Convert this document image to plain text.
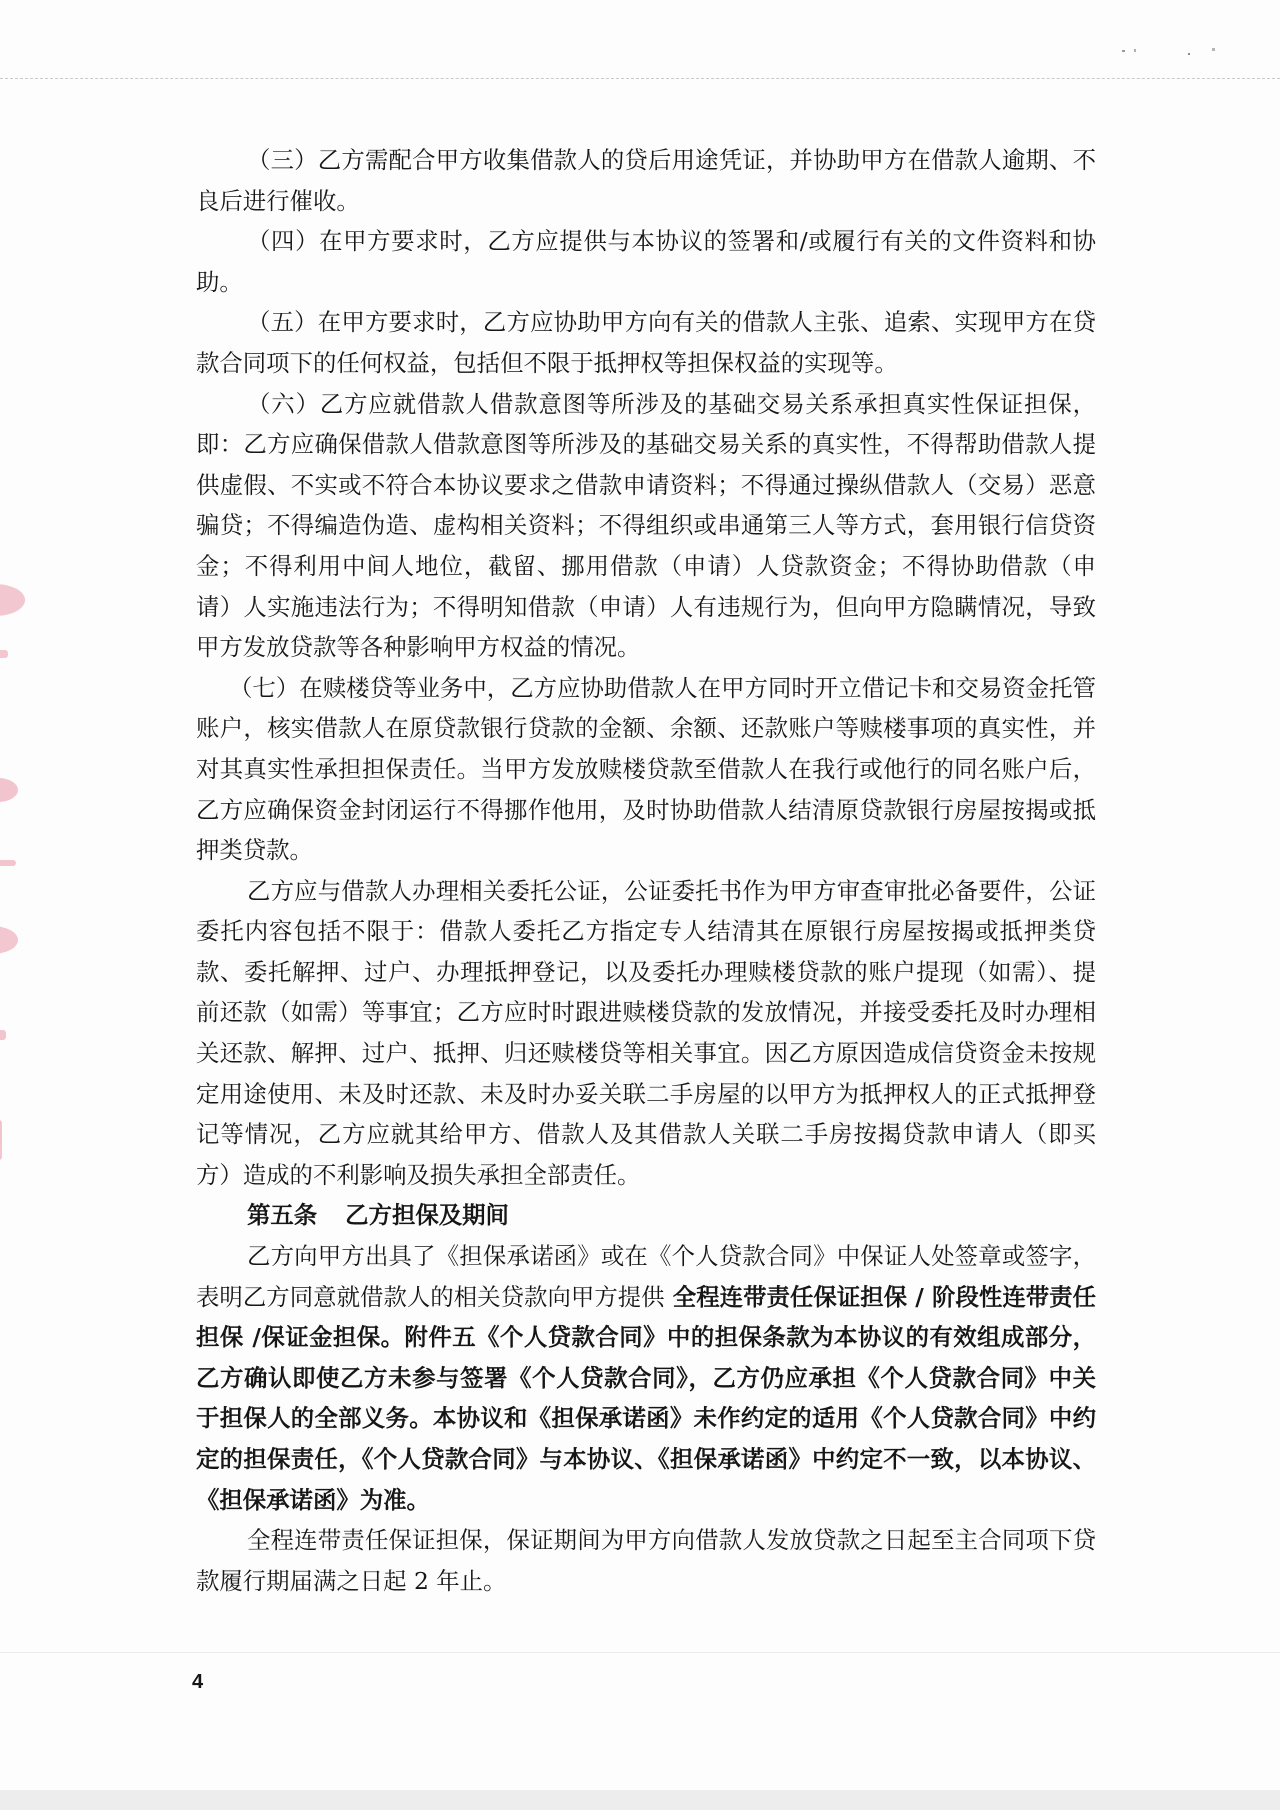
（三）乙方需配合甲方收集借款人的贷后用途凭证，并协助甲方在借款人逾期、不良后进行催收。

（四）在甲方要求时，乙方应提供与本协议的签署和/或履行有关的文件资料和协助。

（五）在甲方要求时，乙方应协助甲方向有关的借款人主张、追索、实现甲方在贷款合同项下的任何权益，包括但不限于抵押权等担保权益的实现等。

（六）乙方应就借款人借款意图等所涉及的基础交易关系承担真实性保证担保，即：乙方应确保借款人借款意图等所涉及的基础交易关系的真实性，不得帮助借款人提供虚假、不实或不符合本协议要求之借款申请资料；不得通过操纵借款人（交易）恶意骗贷；不得编造伪造、虚构相关资料；不得组织或串通第三人等方式，套用银行信贷资金；不得利用中间人地位，截留、挪用借款（申请）人贷款资金；不得协助借款（申请）人实施违法行为；不得明知借款（申请）人有违规行为，但向甲方隐瞒情况，导致甲方发放贷款等各种影响甲方权益的情况。

（七）在赎楼贷等业务中，乙方应协助借款人在甲方同时开立借记卡和交易资金托管账户，核实借款人在原贷款银行贷款的金额、余额、还款账户等赎楼事项的真实性，并对其真实性承担担保责任。当甲方发放赎楼贷款至借款人在我行或他行的同名账户后，乙方应确保资金封闭运行不得挪作他用，及时协助借款人结清原贷款银行房屋按揭或抵押类贷款。

乙方应与借款人办理相关委托公证，公证委托书作为甲方审查审批必备要件，公证委托内容包括不限于：借款人委托乙方指定专人结清其在原银行房屋按揭或抵押类贷款、委托解押、过户、办理抵押登记，以及委托办理赎楼贷款的账户提现（如需）、提前还款（如需）等事宜；乙方应时时跟进赎楼贷款的发放情况，并接受委托及时办理相关还款、解押、过户、抵押、归还赎楼贷等相关事宜。因乙方原因造成信贷资金未按规定用途使用、未及时还款、未及时办妥关联二手房屋的以甲方为抵押权人的正式抵押登记等情况，乙方应就其给甲方、借款人及其借款人关联二手房按揭贷款申请人（即买方）造成的不利影响及损失承担全部责任。

第五条 乙方担保及期间

乙方向甲方出具了《担保承诺函》或在《个人贷款合同》中保证人处签章或签字，表明乙方同意就借款人的相关贷款向甲方提供 全程连带责任保证担保 / 阶段性连带责任担保 /保证金担保。附件五《个人贷款合同》中的担保条款为本协议的有效组成部分，乙方确认即使乙方未参与签署《个人贷款合同》，乙方仍应承担《个人贷款合同》中关于担保人的全部义务。本协议和《担保承诺函》未作约定的适用《个人贷款合同》中约定的担保责任，《个人贷款合同》与本协议、《担保承诺函》中约定不一致，以本协议、《担保承诺函》为准。

全程连带责任保证担保，保证期间为甲方向借款人发放贷款之日起至主合同项下贷款履行期届满之日起 2 年止。

4
